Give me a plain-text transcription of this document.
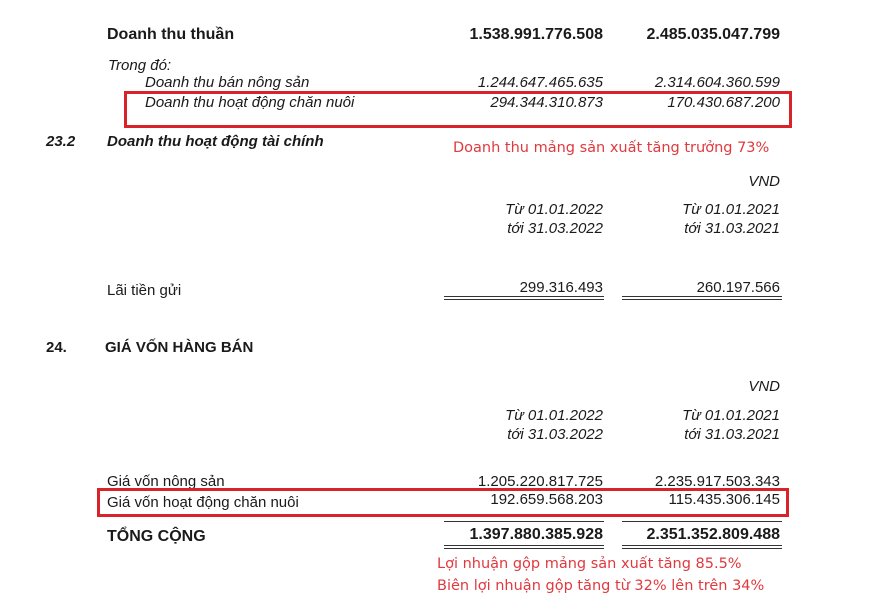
Doanh thu thuần	1.538.991.776.508	2.485.035.047.799
Trong đó:
Doanh thu bán nông sản	1.244.647.465.635	2.314.604.360.599
Doanh thu hoạt động chăn nuôi	294.344.310.873	170.430.687.200
23.2 Doanh thu hoạt động tài chính	Doanh thu mảng sản xuất tăng trưởng 73%
VND
Từ 01.01.2022
tới 31.03.2022
Từ 01.01.2021
tới 31.03.2021
Lãi tiền gửi	299.316.493	260.197.566
24.	GIÁ VỐN HÀNG BÁN
VND
Từ 01.01.2022
tới 31.03.2022
Từ 01.01.2021
tới 31.03.2021
Giá vốn nông sản	1.205.220.817.725	2.235.917.503.343
Giá vốn hoạt động chăn nuôi	192.659.568.203	115.435.306.145
TỔNG CỘNG	1.397.880.385.928	2.351.352.809.488
Lợi nhuận gộp mảng sản xuất tăng 85.5%
Biên lợi nhuận gộp tăng từ 32% lên trên 34%
